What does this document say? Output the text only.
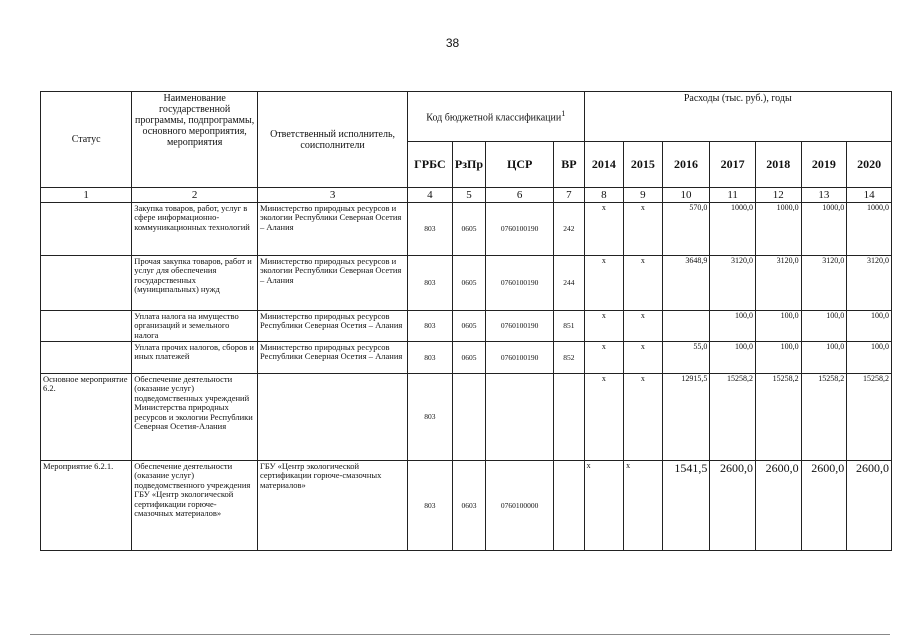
38
Статус	Наименование государственной программы, подпрограммы, основного мероприятия, мероприятия	Ответственный исполнитель, соисполнители	Код бюджетной классификации$^1$				Расходы (тыс. руб.), годы						
			ГРБС	РзПр	ЦСР	ВР	2014	2015	2016	2017	2018	2019	2020
1	2	3	4	5	6	7	8	9	10	11	12	13	14
	Закупка товаров, работ, услуг в сфере информационно-коммуникационных технологий	Министерство природных ресурсов и экологии Республики Северная Осетия – Алания	803	0605	0760100190	242	х	х	570,0	1000,0	1000,0	1000,0	1000,0
	Прочая закупка товаров, работ и услуг для обеспечения государственных (муниципальных) нужд	Министерство природных ресурсов и экологии Республики Северная Осетия – Алания	803	0605	0760100190	244	х	х	3648,9	3120,0	3120,0	3120,0	3120,0
	Уплата налога на имущество организаций и земельного налога	Министерство природных ресурсов Республики Северная Осетия – Алания	803	0605	0760100190	851	х	х		100,0	100,0	100,0	100,0
	Уплата прочих налогов, сборов и иных платежей	Министерство природных ресурсов Республики Северная Осетия – Алания	803	0605	0760100190	852	х	х	55,0	100,0	100,0	100,0	100,0
Основное мероприятие 6.2.	Обеспечение деятельности (оказание услуг) подведомственных учреждений Министерства природных ресурсов и экологии Республики Северная Осетия-Алания		803				х	х	12915,5	15258,2	15258,2	15258,2	15258,2
Мероприятие 6.2.1.	Обеспечение деятельности (оказание услуг) подведомственного учреждения ГБУ «Центр экологической сертификации горюче-смазочных материалов»	ГБУ «Центр экологической сертификации горюче-смазочных материалов»	803	0603	0760100000		х	х	1541,5	2600,0	2600,0	2600,0	2600,0
